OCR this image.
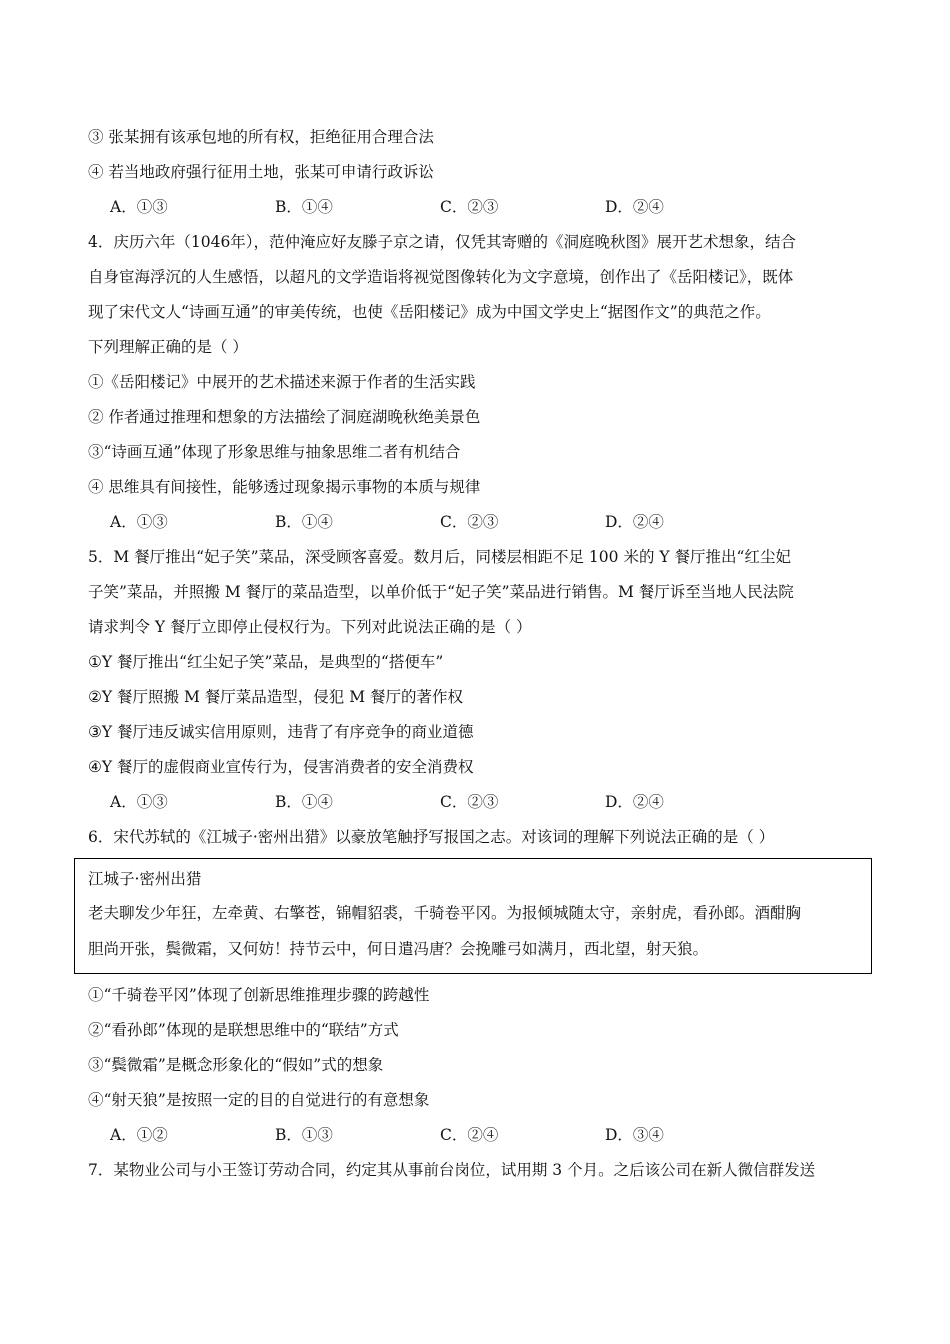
③ 张某拥有该承包地的所有权，拒绝征用合理合法
④ 若当地政府强行征用土地，张某可申请行政诉讼
A．①③	B．①④	C．②③	D．②④
4．庆历六年（1046年），范仲淹应好友滕子京之请，仅凭其寄赠的《洞庭晚秋图》展开艺术想象，结合
自身宦海浮沉的人生感悟，以超凡的文学造诣将视觉图像转化为文字意境，创作出了《岳阳楼记》，既体
现了宋代文人“诗画互通”的审美传统，也使《岳阳楼记》成为中国文学史上“据图作文”的典范之作。
下列理解正确的是（ ）
①《岳阳楼记》中展开的艺术描述来源于作者的生活实践
② 作者通过推理和想象的方法描绘了洞庭湖晚秋绝美景色
③“诗画互通”体现了形象思维与抽象思维二者有机结合
④ 思维具有间接性，能够透过现象揭示事物的本质与规律
A．①③	B．①④	C．②③	D．②④
5．M 餐厅推出“妃子笑”菜品，深受顾客喜爱。数月后，同楼层相距不足 100 米的 Y 餐厅推出“红尘妃
子笑”菜品，并照搬 M 餐厅的菜品造型，以单价低于“妃子笑”菜品进行销售。M 餐厅诉至当地人民法院
请求判令 Y 餐厅立即停止侵权行为。下列对此说法正确的是（ ）
①Y 餐厅推出“红尘妃子笑”菜品，是典型的“搭便车”
②Y 餐厅照搬 M 餐厅菜品造型，侵犯 M 餐厅的著作权
③Y 餐厅违反诚实信用原则，违背了有序竞争的商业道德
④Y 餐厅的虚假商业宣传行为，侵害消费者的安全消费权
A．①③	B．①④	C．②③	D．②④
6．宋代苏轼的《江城子·密州出猎》以豪放笔触抒写报国之志。对该词的理解下列说法正确的是（ ）
江城子·密州出猎
老夫聊发少年狂，左牵黄、右擎苍，锦帽貂裘，千骑卷平冈。为报倾城随太守，亲射虎，看孙郎。酒酣胸
胆尚开张，鬓微霜，又何妨！持节云中，何日遣冯唐？会挽雕弓如满月，西北望，射天狼。
①“千骑卷平冈”体现了创新思维推理步骤的跨越性
②“看孙郎”体现的是联想思维中的“联结”方式
③“鬓微霜”是概念形象化的“假如”式的想象
④“射天狼”是按照一定的目的自觉进行的有意想象
A．①②	B．①③	C．②④	D．③④
7．某物业公司与小王签订劳动合同，约定其从事前台岗位，试用期 3 个月。之后该公司在新人微信群发送
